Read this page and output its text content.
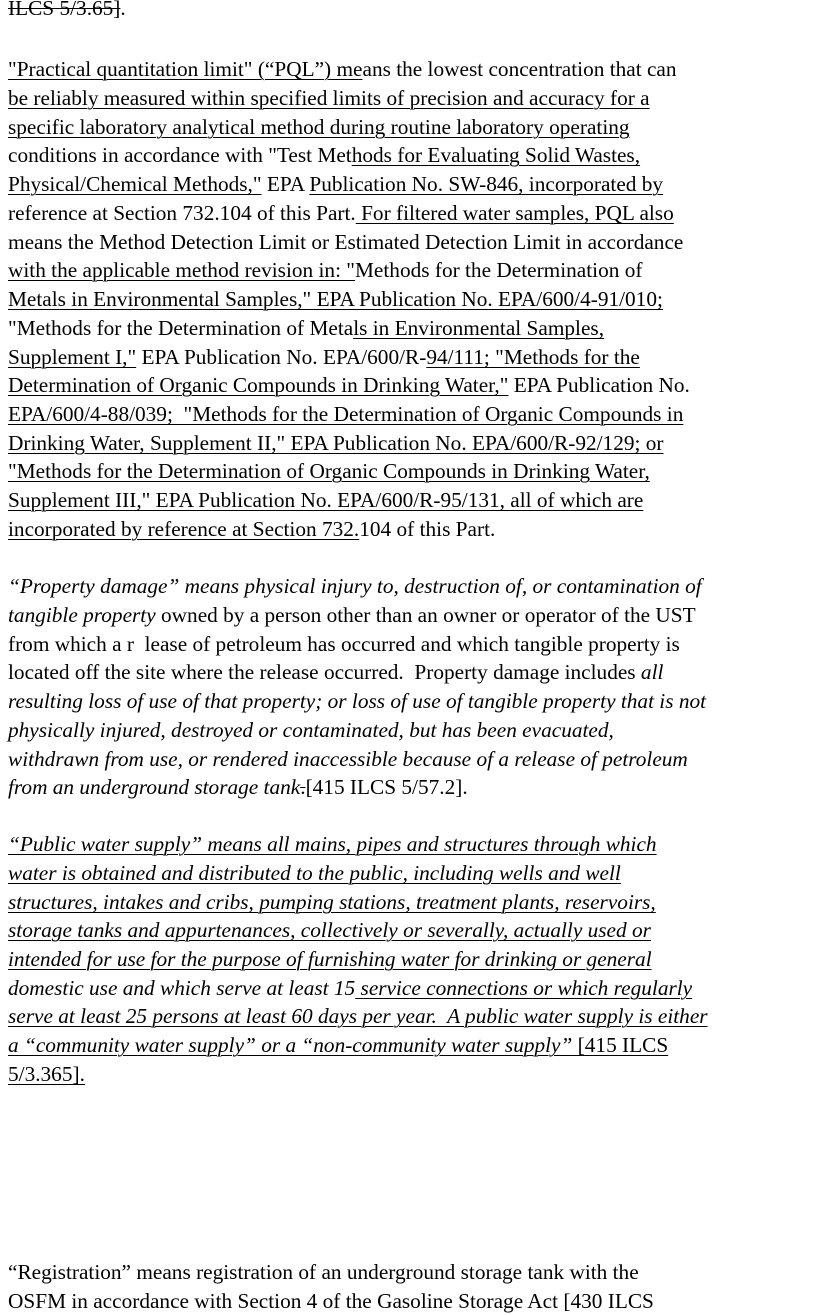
ILCS 5/3.65].
"Practical quantitation limit" (“PQL”) means the lowest concentration that can
be reliably measured within specified limits of precision and accuracy for a
specific laboratory analytical method during routine laboratory operating
conditions in accordance with "Test Methods for Evaluating Solid Wastes,
Physical/Chemical Methods," EPA Publication No. SW-846, incorporated by
reference at Section 732.104 of this Part. For filtered water samples, PQL also
means the Method Detection Limit or Estimated Detection Limit in accordance
with the applicable method revision in: "Methods for the Determination of
Metals in Environmental Samples," EPA Publication No. EPA/600/4-91/010;
"Methods for the Determination of Metals in Environmental Samples,
Supplement I," EPA Publication No. EPA/600/R-94/111; "Methods for the
Determination of Organic Compounds in Drinking Water," EPA Publication No.
EPA/600/4-88/039;  "Methods for the Determination of Organic Compounds in
Drinking Water, Supplement II," EPA Publication No. EPA/600/R-92/129; or
"Methods for the Determination of Organic Compounds in Drinking Water,
Supplement III," EPA Publication No. EPA/600/R-95/131, all of which are
incorporated by reference at Section 732.104 of this Part.
“Property damage” means physical injury to, destruction of, or contamination of
tangible property owned by a person other than an owner or operator of the UST
from which a r  lease of petroleum has occurred and which tangible property is
located off the site where the release occurred.  Property damage includes all
resulting loss of use of that property; or loss of use of tangible property that is not
physically injured, destroyed or contaminated, but has been evacuated,
withdrawn from use, or rendered inaccessible because of a release of petroleum
from an underground storage tank.[415 ILCS 5/57.2].
“Public water supply” means all mains, pipes and structures through which
water is obtained and distributed to the public, including wells and well
structures, intakes and cribs, pumping stations, treatment plants, reservoirs,
storage tanks and appurtenances, collectively or severally, actually used or
intended for use for the purpose of furnishing water for drinking or general
domestic use and which serve at least 15 service connections or which regularly
serve at least 25 persons at least 60 days per year.  A public water supply is either
a “community water supply” or a “non-community water supply” [415 ILCS
5/3.365].
“Registration” means registration of an underground storage tank with the
OSFM in accordance with Section 4 of the Gasoline Storage Act [430 ILCS
